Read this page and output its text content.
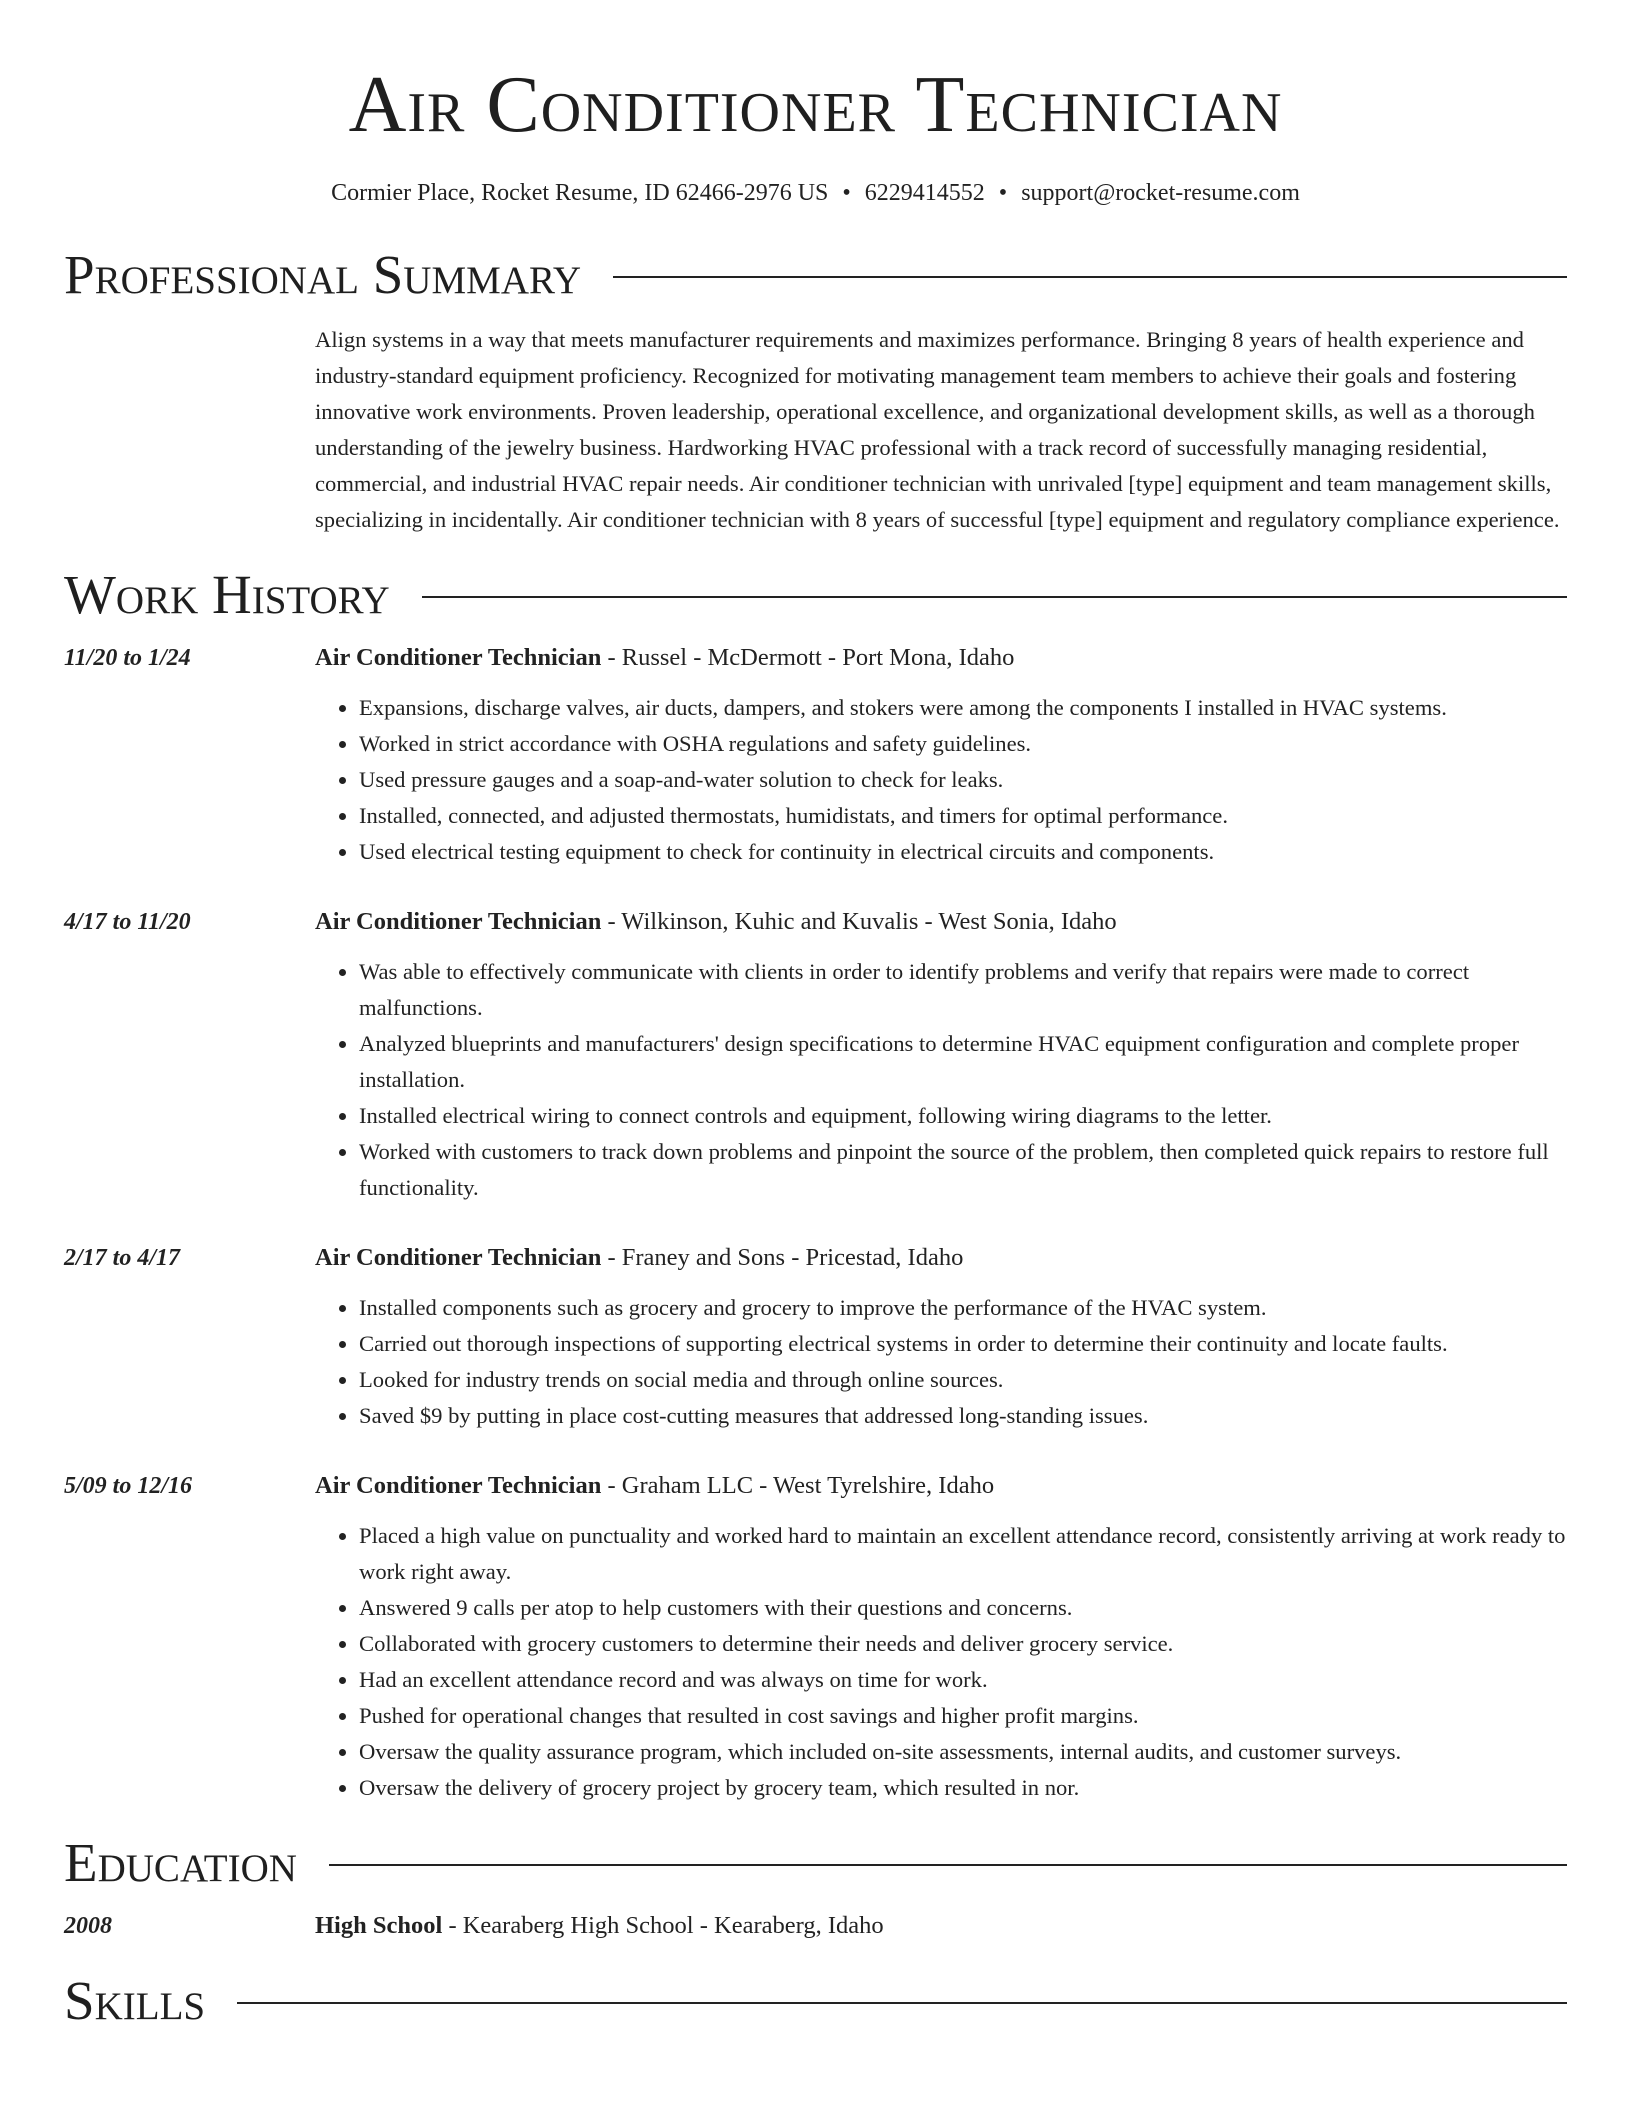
Air Conditioner Technician
Cormier Place, Rocket Resume, ID 62466-2976 US • 6229414552 • support@rocket-resume.com
Professional Summary
Align systems in a way that meets manufacturer requirements and maximizes performance. Bringing 8 years of health experience and industry-standard equipment proficiency. Recognized for motivating management team members to achieve their goals and fostering innovative work environments. Proven leadership, operational excellence, and organizational development skills, as well as a thorough understanding of the jewelry business. Hardworking HVAC professional with a track record of successfully managing residential, commercial, and industrial HVAC repair needs. Air conditioner technician with unrivaled [type] equipment and team management skills, specializing in incidentally. Air conditioner technician with 8 years of successful [type] equipment and regulatory compliance experience.
Work History
11/20 to 1/24	Air Conditioner Technician - Russel - McDermott - Port Mona, Idaho
• Expansions, discharge valves, air ducts, dampers, and stokers were among the components I installed in HVAC systems.
• Worked in strict accordance with OSHA regulations and safety guidelines.
• Used pressure gauges and a soap-and-water solution to check for leaks.
• Installed, connected, and adjusted thermostats, humidistats, and timers for optimal performance.
• Used electrical testing equipment to check for continuity in electrical circuits and components.
4/17 to 11/20	Air Conditioner Technician - Wilkinson, Kuhic and Kuvalis - West Sonia, Idaho
• Was able to effectively communicate with clients in order to identify problems and verify that repairs were made to correct malfunctions.
• Analyzed blueprints and manufacturers' design specifications to determine HVAC equipment configuration and complete proper installation.
• Installed electrical wiring to connect controls and equipment, following wiring diagrams to the letter.
• Worked with customers to track down problems and pinpoint the source of the problem, then completed quick repairs to restore full functionality.
2/17 to 4/17	Air Conditioner Technician - Franey and Sons - Pricestad, Idaho
• Installed components such as grocery and grocery to improve the performance of the HVAC system.
• Carried out thorough inspections of supporting electrical systems in order to determine their continuity and locate faults.
• Looked for industry trends on social media and through online sources.
• Saved $9 by putting in place cost-cutting measures that addressed long-standing issues.
5/09 to 12/16	Air Conditioner Technician - Graham LLC - West Tyrelshire, Idaho
• Placed a high value on punctuality and worked hard to maintain an excellent attendance record, consistently arriving at work ready to work right away.
• Answered 9 calls per atop to help customers with their questions and concerns.
• Collaborated with grocery customers to determine their needs and deliver grocery service.
• Had an excellent attendance record and was always on time for work.
• Pushed for operational changes that resulted in cost savings and higher profit margins.
• Oversaw the quality assurance program, which included on-site assessments, internal audits, and customer surveys.
• Oversaw the delivery of grocery project by grocery team, which resulted in nor.
Education
2008	High School - Kearaberg High School - Kearaberg, Idaho
Skills
